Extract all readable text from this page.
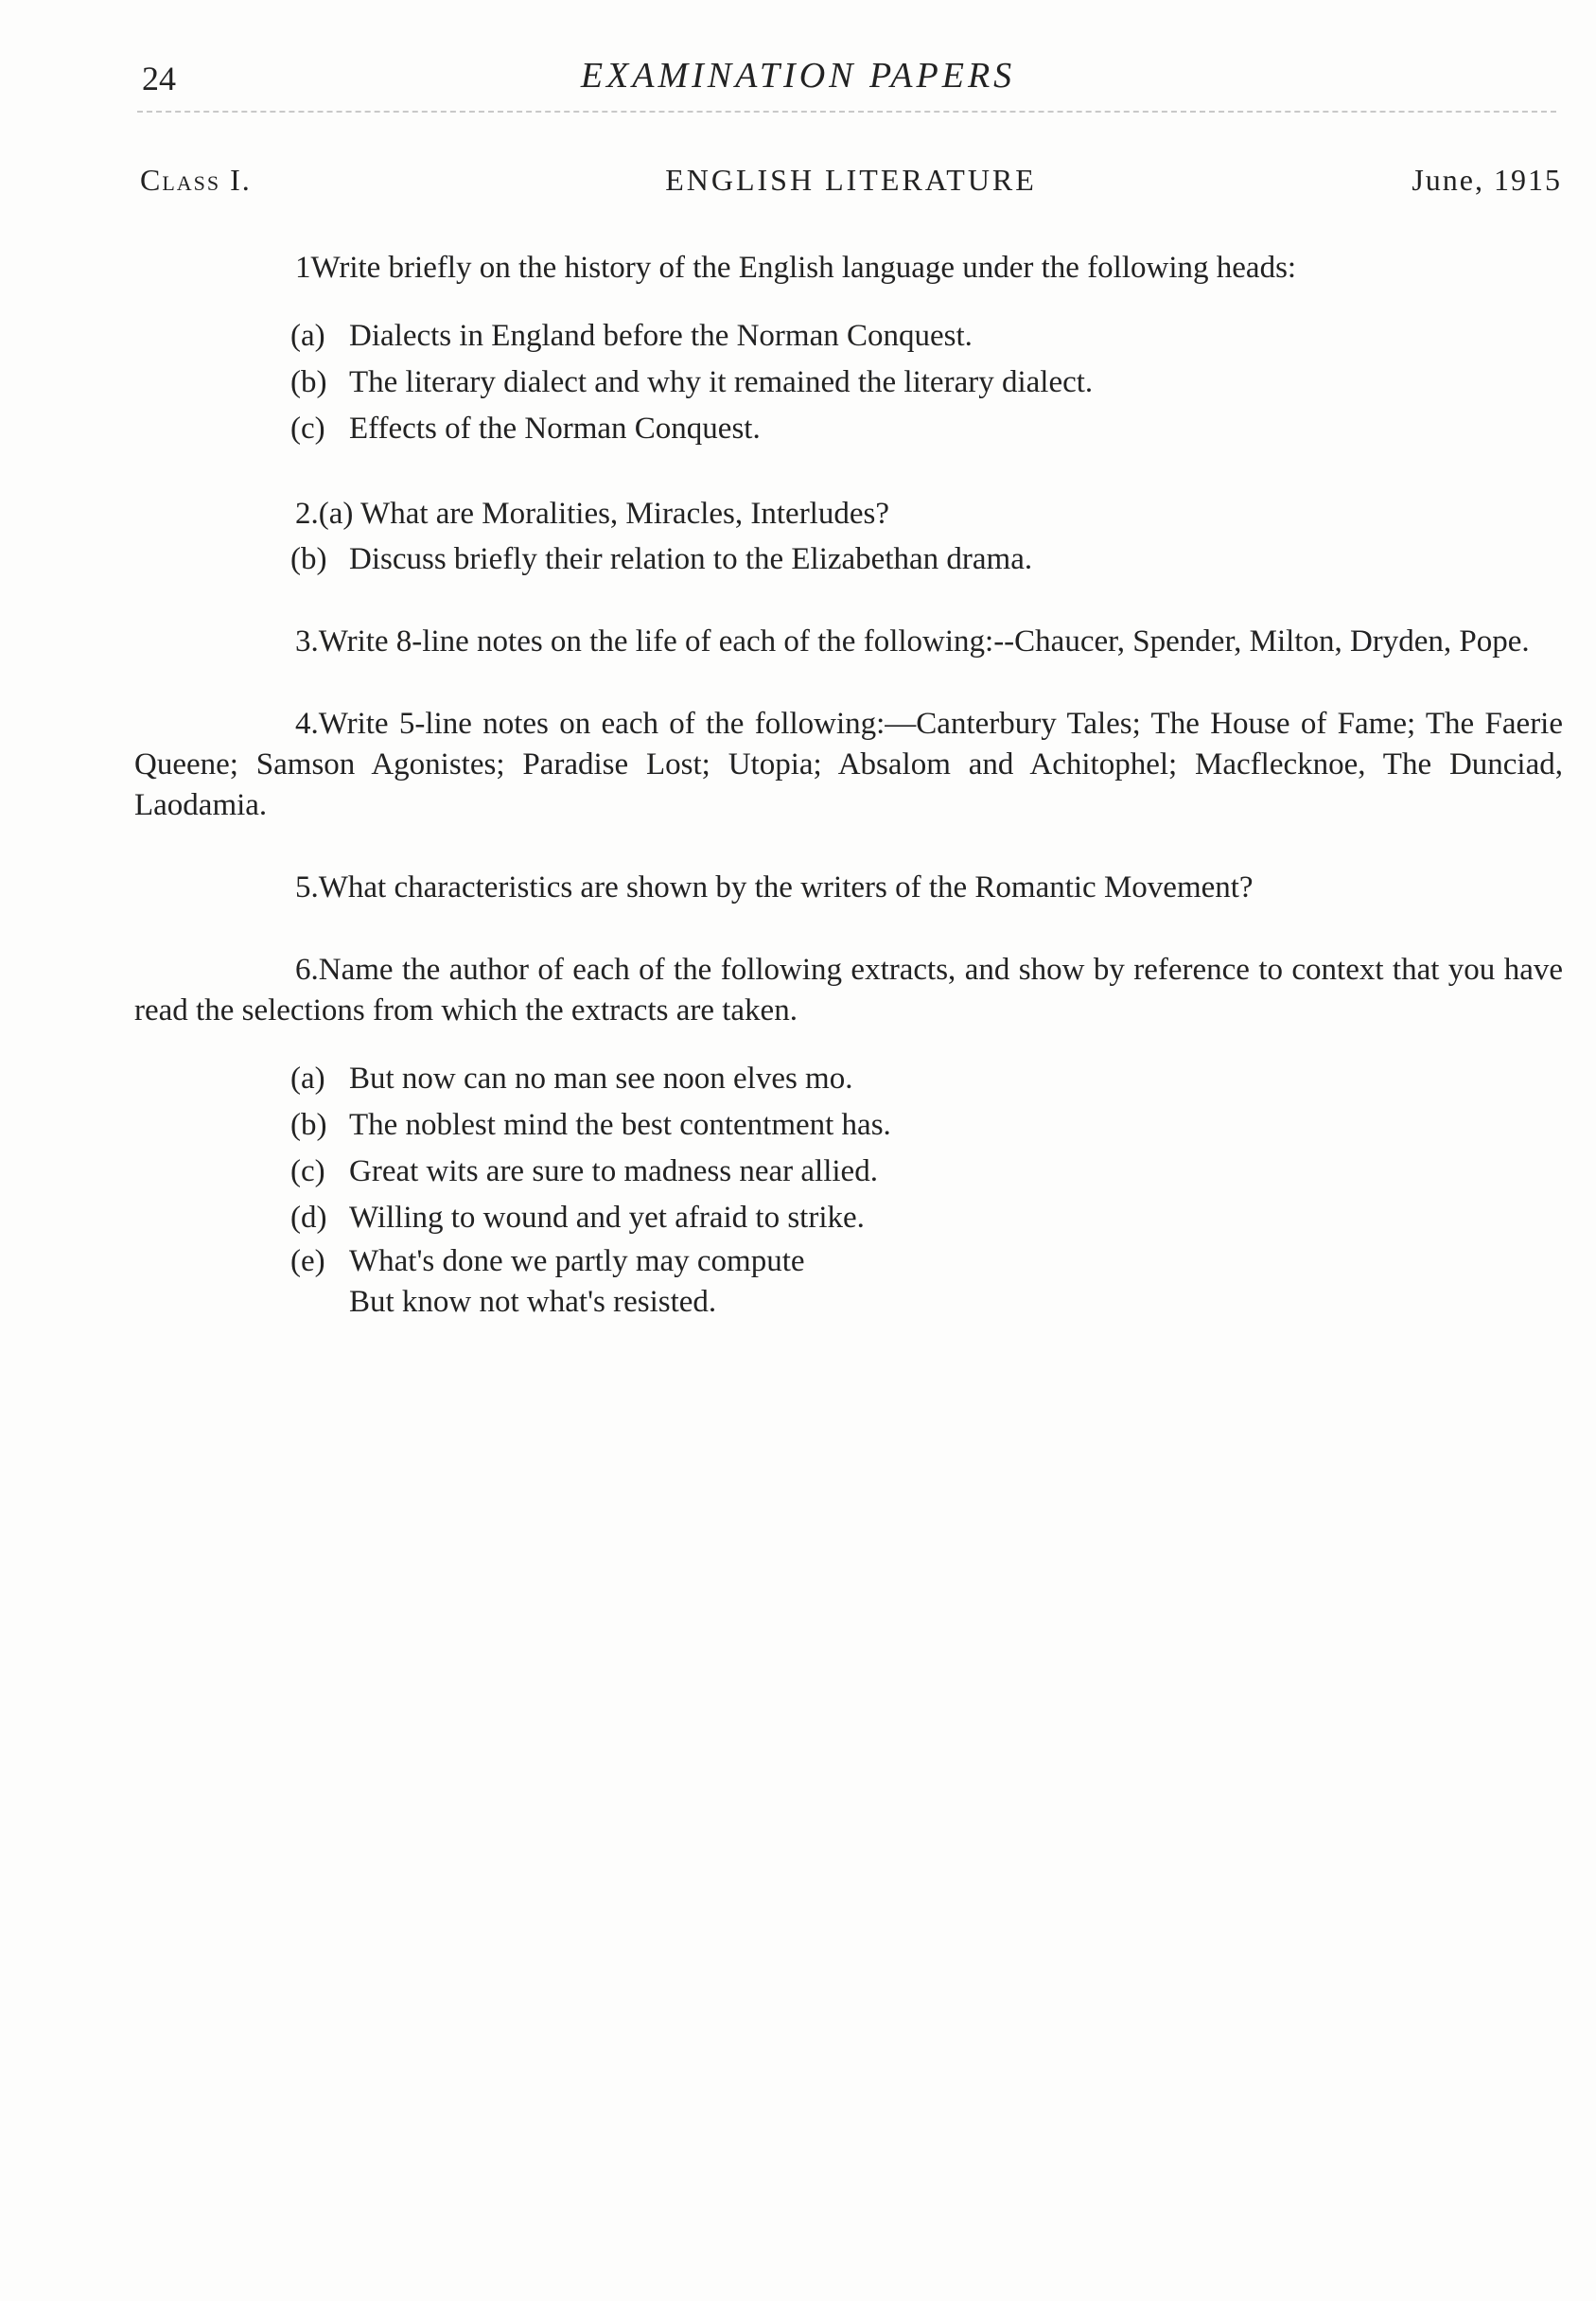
24	EXAMINATION PAPERS
ENGLISH LITERATURE
Class I.	June, 1915

1Write briefly on the history of the English language under the following heads:

(a) Dialects in England before the Norman Conquest.
(b) The literary dialect and why it remained the literary dialect.
(c) Effects of the Norman Conquest.

2.(a) What are Moralities, Miracles, Interludes?

(b) Discuss briefly their relation to the Elizabethan drama.

3.Write 8-line notes on the life of each of the following:--Chaucer, Spender, Milton, Dryden, Pope.

4.Write 5-line notes on each of the following:—Canterbury Tales; The House of Fame; The Faerie Queene; Samson Agonistes; Paradise Lost; Utopia; Absalom and Achitophel; Macflecknoe, The Dunciad, Laodamia.

5.What characteristics are shown by the writers of the Romantic Movement?

6.Name the author of each of the following extracts, and show by reference to context that you have read the selections from which the extracts are taken.

(a) But now can no man see noon elves mo.
(b) The noblest mind the best contentment has.
(c) Great wits are sure to madness near allied.
(d) Willing to wound and yet afraid to strike.
(e) What's done we partly may compute
But know not what's resisted.
